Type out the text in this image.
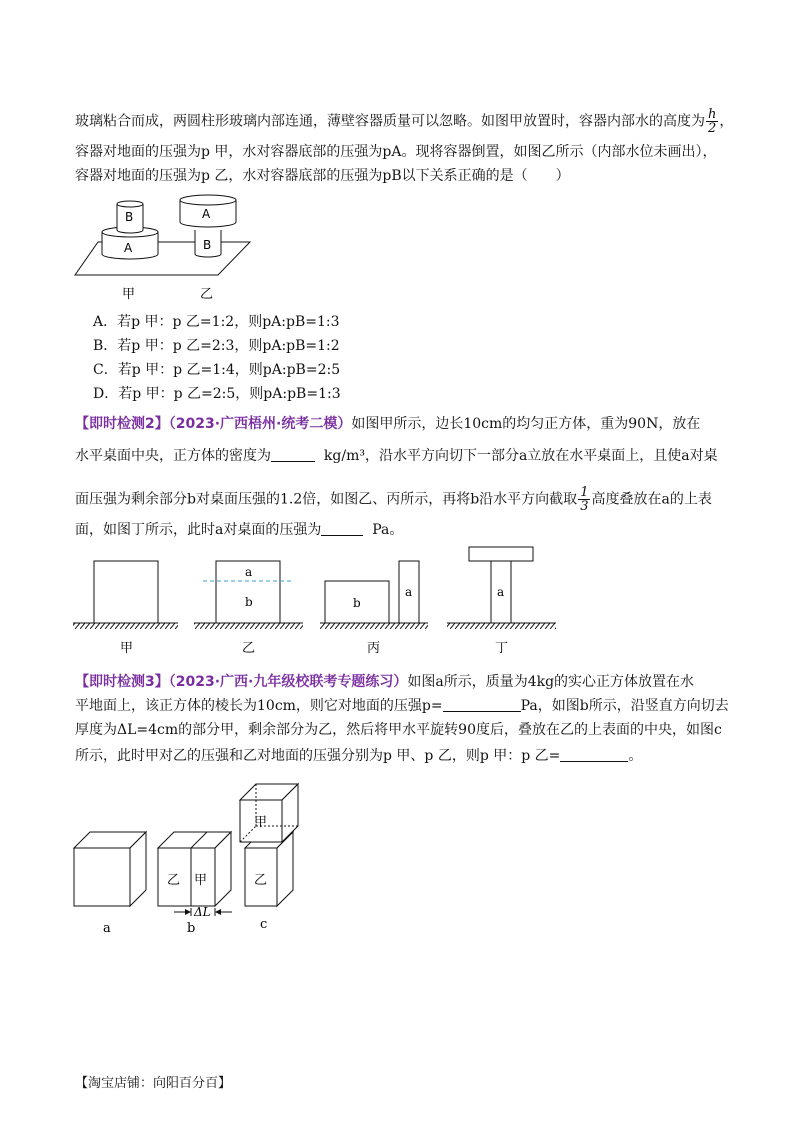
玻璃粘合而成，两圆柱形玻璃内部连通，薄壁容器质量可以忽略。如图甲放置时，容器内部水的高度为 $\frac{h}{2}$ ，
容器对地面的压强为p 甲，水对容器底部的压强为pA。现将容器倒置，如图乙所示（内部水位未画出），
容器对地面的压强为p 乙，水对容器底部的压强为pB以下关系正确的是（　　）
B
A
A
B
甲	乙
A．若p 甲：p 乙=1:2，则pA:pB=1:3
B．若p 甲：p 乙=2:3，则pA:pB=1:2
C．若p 甲：p 乙=1:4，则pA:pB=2:5
D．若p 甲：p 乙=2:5，则pA:pB=1:3
【即时检测2】（2023·广西梧州·统考二模）如图甲所示，边长10cm的均匀正方体，重为90N，放在
水平桌面中央，正方体的密度为	kg/m³，沿水平方向切下一部分a立放在水平桌面上，且使a对桌
面压强为剩余部分b对桌面压强的1.2倍，如图乙、丙所示，再将b沿水平方向截取 $\frac{1}{3}$ 高度叠放在a的上表
面，如图丁所示，此时a对桌面的压强为	Pa。
a
b	b
a	a
甲	乙	丙	丁
【即时检测3】（2023·广西·九年级校联考专题练习）如图a所示，质量为4kg的实心正方体放置在水
平地面上，该正方体的棱长为10cm，则它对地面的压强p=	Pa，如图b所示，沿竖直方向切去
厚度为ΔL=4cm的部分甲，剩余部分为乙，然后将甲水平旋转90度后，叠放在乙的上表面的中央，如图c
所示，此时甲对乙的压强和乙对地面的压强分别为p 甲、p 乙，则p 甲：p 乙=	。
乙 甲
ΔL
甲
乙
a	b	c
【淘宝店铺：向阳百分百】
